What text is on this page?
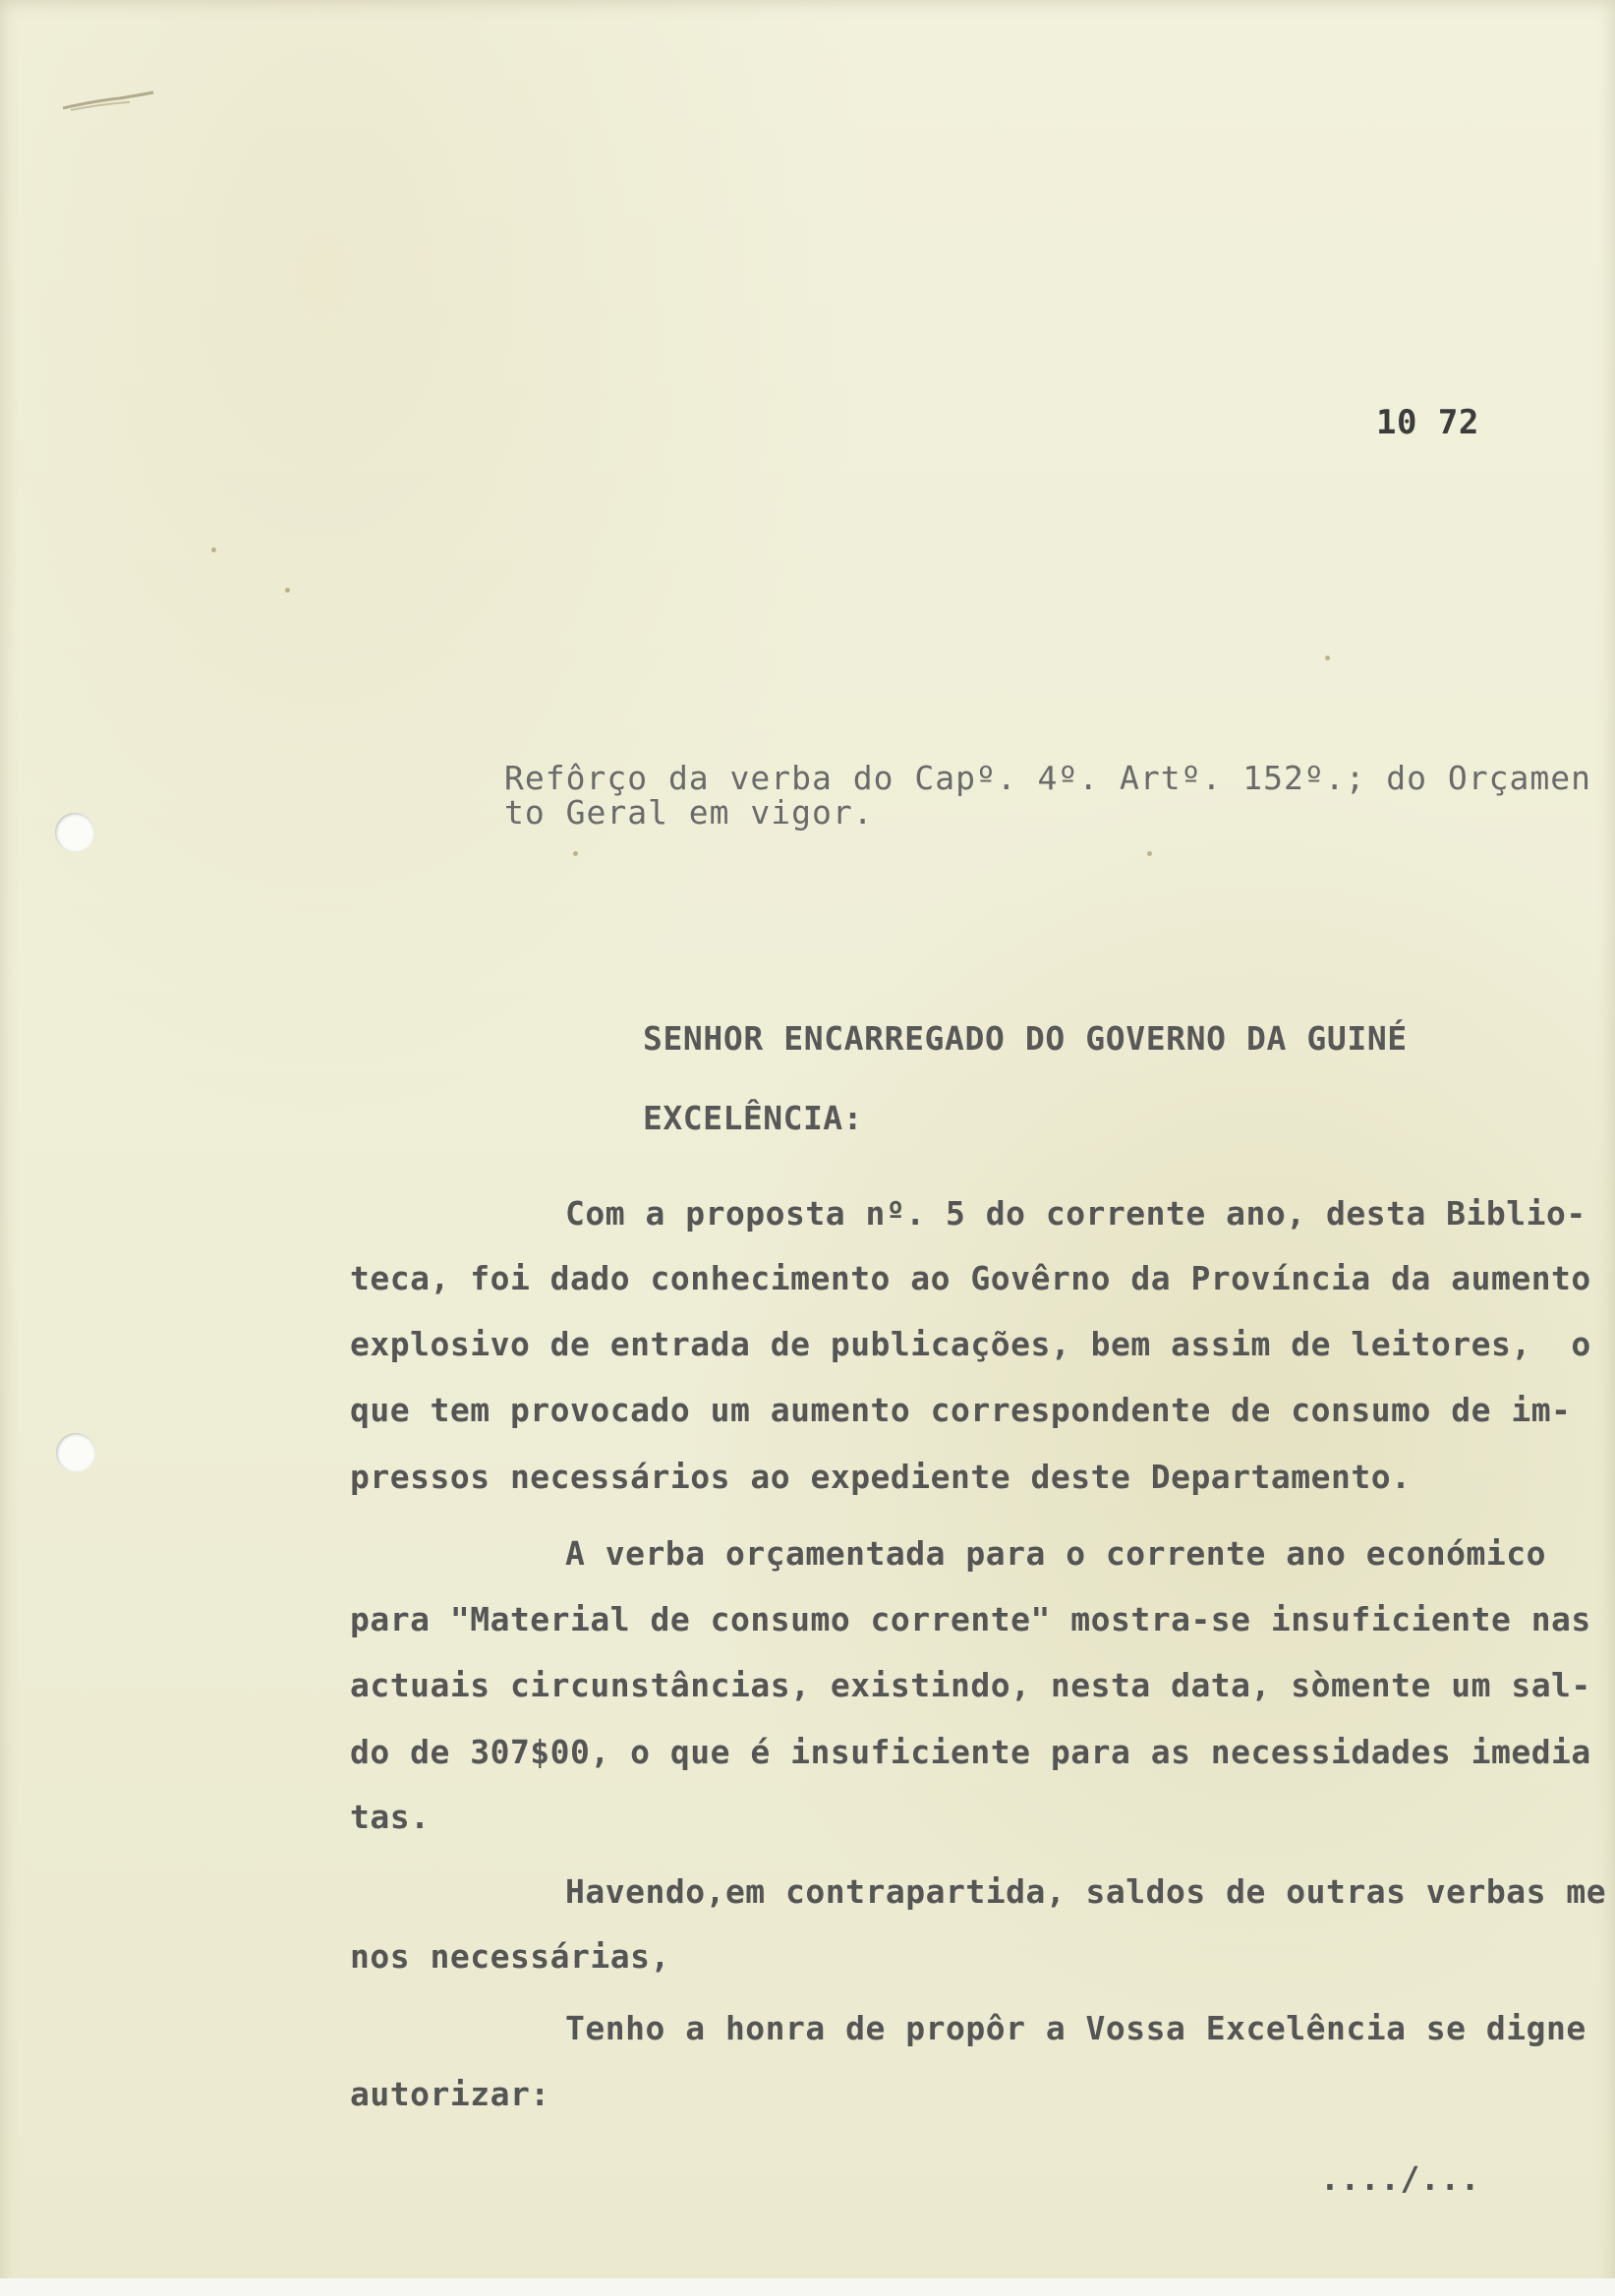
10 72
Refôrço da verba do Capº. 4º. Artº. 152º.; do Orçamen
to Geral em vigor.
SENHOR ENCARREGADO DO GOVERNO DA GUINÉ
EXCELÊNCIA:
Com a proposta nº. 5 do corrente ano, desta Biblio-
teca, foi dado conhecimento ao Govêrno da Província da aumento
explosivo de entrada de publicações, bem assim de leitores,  o
que tem provocado um aumento correspondente de consumo de im-
pressos necessários ao expediente deste Departamento.
A verba orçamentada para o corrente ano económico
para "Material de consumo corrente" mostra-se insuficiente nas
actuais circunstâncias, existindo, nesta data, sòmente um sal-
do de 307$00, o que é insuficiente para as necessidades imedia
tas.
Havendo,em contrapartida, saldos de outras verbas me
nos necessárias,
Tenho a honra de propôr a Vossa Excelência se digne
autorizar:
..../...
